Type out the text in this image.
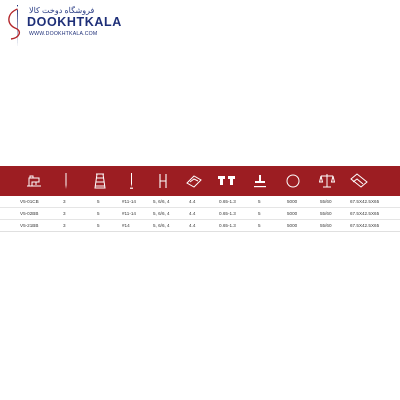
فروشگاه دوخت کالا
DOOKHTKALA
WWW.DOOKHTKALA.COM
V5-01CB	3	5	#11-14	5, 6/6, 4	4.4	0.65-1.3	5	5000	55/60	67.5X42.5X65
V5-02BB	3	5	#11-14	5, 6/6, 4	4.4	0.65-1.3	5	5000	55/60	67.5X42.5X65
V5-21BB	3	5	#14	5, 6/6, 4	4.4	0.65-1.3	5	5000	55/60	67.5X42.5X65
